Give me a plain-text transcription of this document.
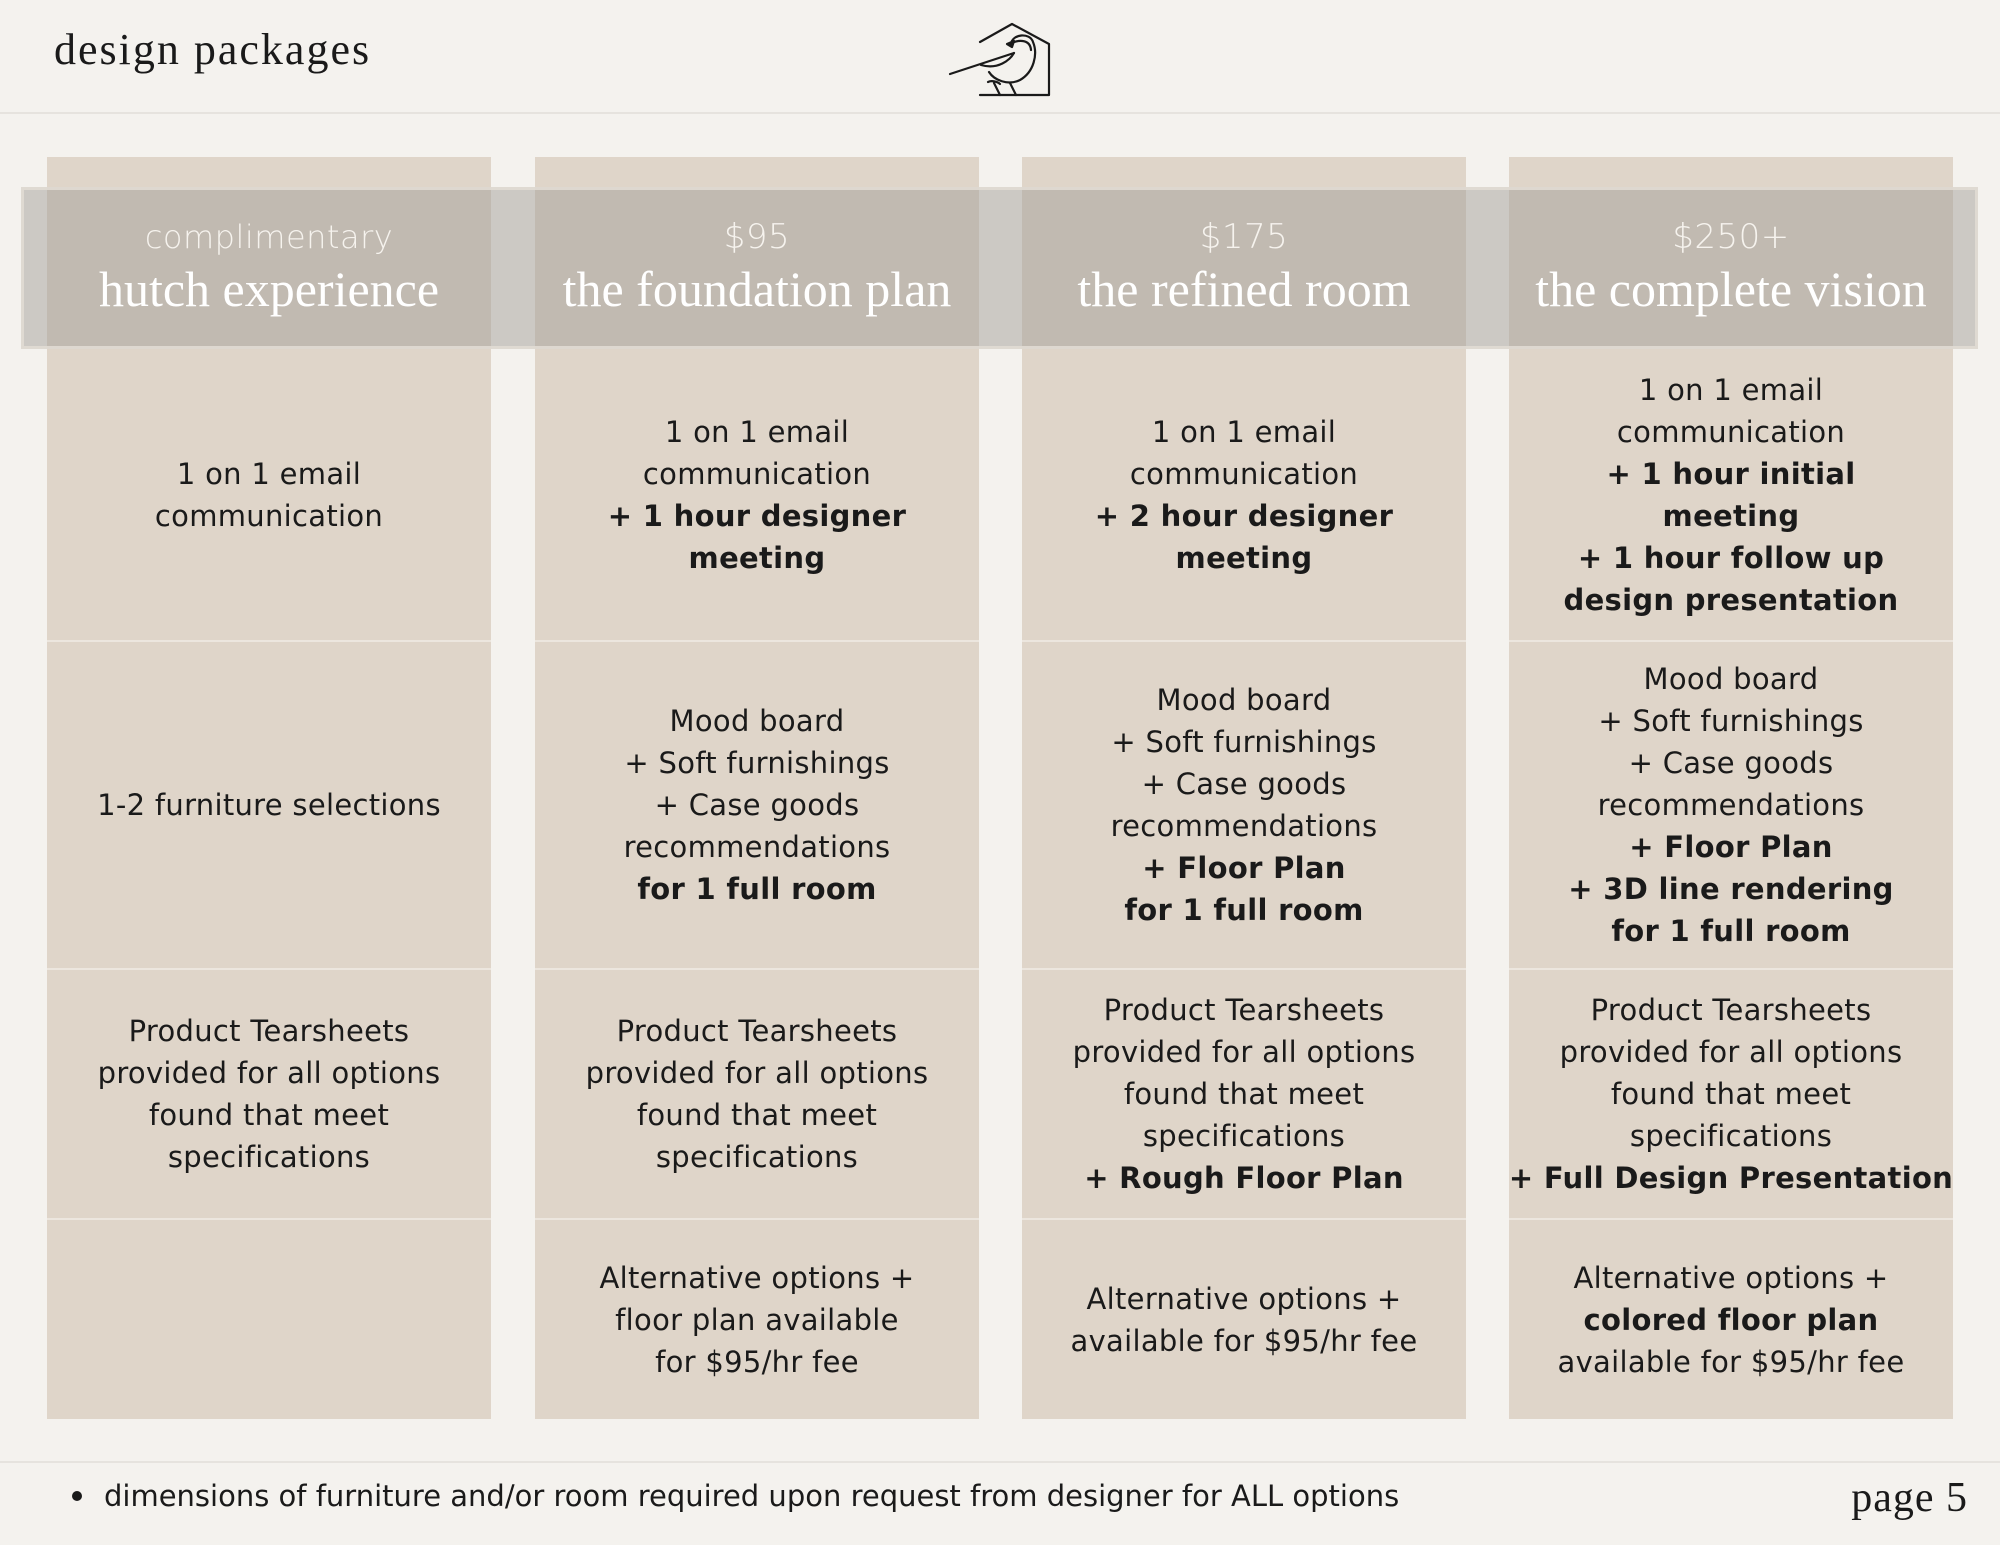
design packages
1 on 1 email
communication
1-2 furniture selections
Product Tearsheets
provided for all options
found that meet
specifications
1 on 1 email
communication
+ 1 hour designer
meeting
Mood board
+ Soft furnishings
+ Case goods
recommendations
for 1 full room
Product Tearsheets
provided for all options
found that meet
specifications
Alternative options +
floor plan available
for $95/hr fee
1 on 1 email
communication
+ 2 hour designer
meeting
Mood board
+ Soft furnishings
+ Case goods
recommendations
+ Floor Plan
for 1 full room
Product Tearsheets
provided for all options
found that meet
specifications
+ Rough Floor Plan
Alternative options +
available for $95/hr fee
1 on 1 email
communication
+ 1 hour initial
meeting
+ 1 hour follow up
design presentation
Mood board
+ Soft furnishings
+ Case goods
recommendations
+ Floor Plan
+ 3D line rendering
for 1 full room
Product Tearsheets
provided for all options
found that meet
specifications
+ Full Design Presentation
Alternative options +
colored floor plan
available for $95/hr fee
complimentary
hutch experience
$95
the foundation plan
$175
the refined room
$250+
the complete vision
dimensions of furniture and/or room required upon request from designer for ALL options	page 5
